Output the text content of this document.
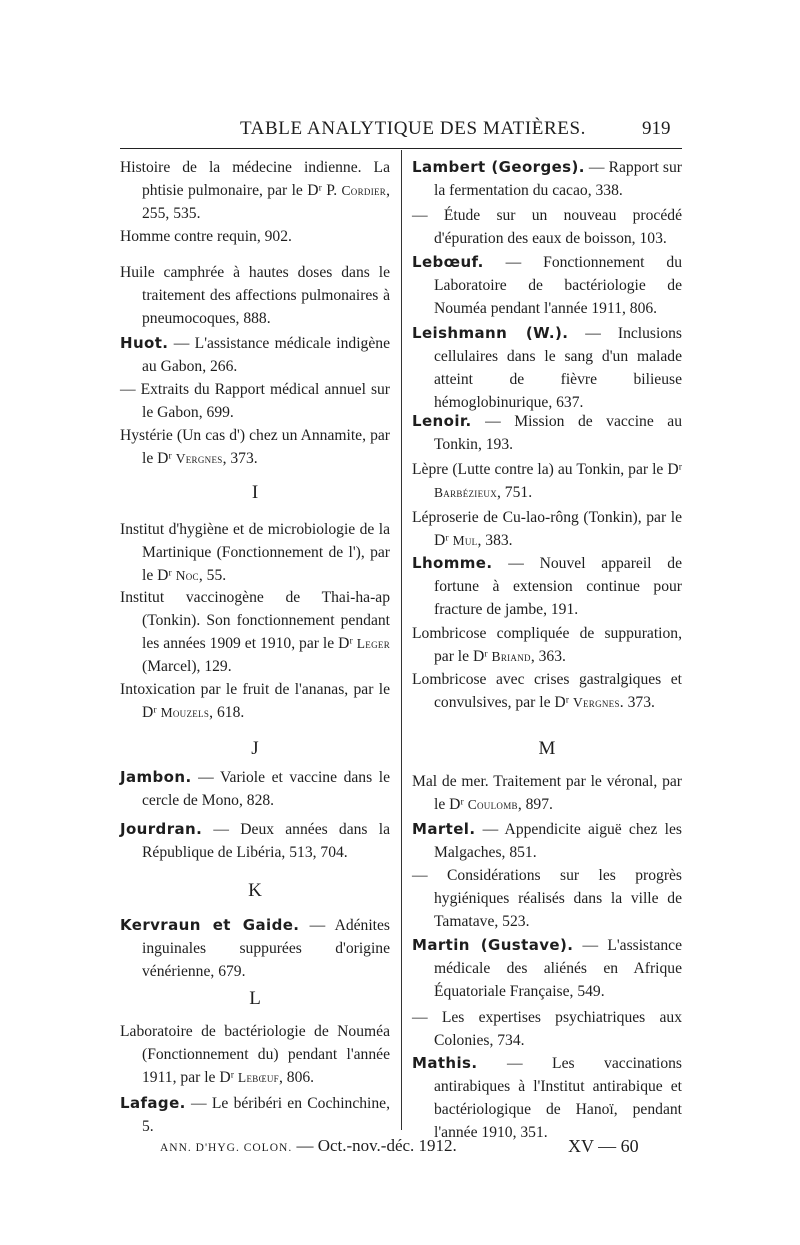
TABLE ANALYTIQUE DES MATIÈRES.	919

Histoire de la médecine indienne. La phtisie pulmonaire, par le Dʳ P. Cordier, 255, 535.

Homme contre requin, 902.

Huile camphrée à hautes doses dans le traitement des affections pulmonaires à pneumocoques, 888.

Huot. — L'assistance médicale indigène au Gabon, 266.

— Extraits du Rapport médical annuel sur le Gabon, 699.

Hystérie (Un cas d') chez un Annamite, par le Dʳ Vergnes, 373.

I

Institut d'hygiène et de microbiologie de la Martinique (Fonctionnement de l'), par le Dʳ Noc, 55.

Institut vaccinogène de Thai-ha-ap (Tonkin). Son fonctionnement pendant les années 1909 et 1910, par le Dʳ Leger (Marcel), 129.

Intoxication par le fruit de l'ananas, par le Dʳ Mouzels, 618.

J

Jambon. — Variole et vaccine dans le cercle de Mono, 828.

Jourdran. — Deux années dans la République de Libéria, 513, 704.

K

Kervraun et Gaide. — Adénites inguinales suppurées d'origine vénérienne, 679.

L

Laboratoire de bactériologie de Nouméa (Fonctionnement du) pendant l'année 1911, par le Dʳ Lebœuf, 806.

Lafage. — Le béribéri en Cochinchine, 5.

Lambert (Georges). — Rapport sur la fermentation du cacao, 338.

— Étude sur un nouveau procédé d'épuration des eaux de boisson, 103.

Lebœuf. — Fonctionnement du Laboratoire de bactériologie de Nouméa pendant l'année 1911, 806.

Leishmann (W.). — Inclusions cellulaires dans le sang d'un malade atteint de fièvre bilieuse hémoglobinurique, 637.

Lenoir. — Mission de vaccine au Tonkin, 193.

Lèpre (Lutte contre la) au Tonkin, par le Dʳ Barbézieux, 751.

Léproserie de Cu-lao-rông (Tonkin), par le Dʳ Mul, 383.

Lhomme. — Nouvel appareil de fortune à extension continue pour fracture de jambe, 191.

Lombricose compliquée de suppuration, par le Dʳ Briand, 363.

Lombricose avec crises gastralgiques et convulsives, par le Dʳ Vergnes. 373.

M

Mal de mer. Traitement par le véronal, par le Dʳ Coulomb, 897.

Martel. — Appendicite aiguë chez les Malgaches, 851.

— Considérations sur les progrès hygiéniques réalisés dans la ville de Tamatave, 523.

Martin (Gustave). — L'assistance médicale des aliénés en Afrique Équatoriale Française, 549.

— Les expertises psychiatriques aux Colonies, 734.

Mathis. — Les vaccinations antirabiques à l'Institut antirabique et bactériologique de Hanoï, pendant l'année 1910, 351.

ANN. D'HYG. COLON. — Oct.-nov.-déc. 1912.	XV — 60
